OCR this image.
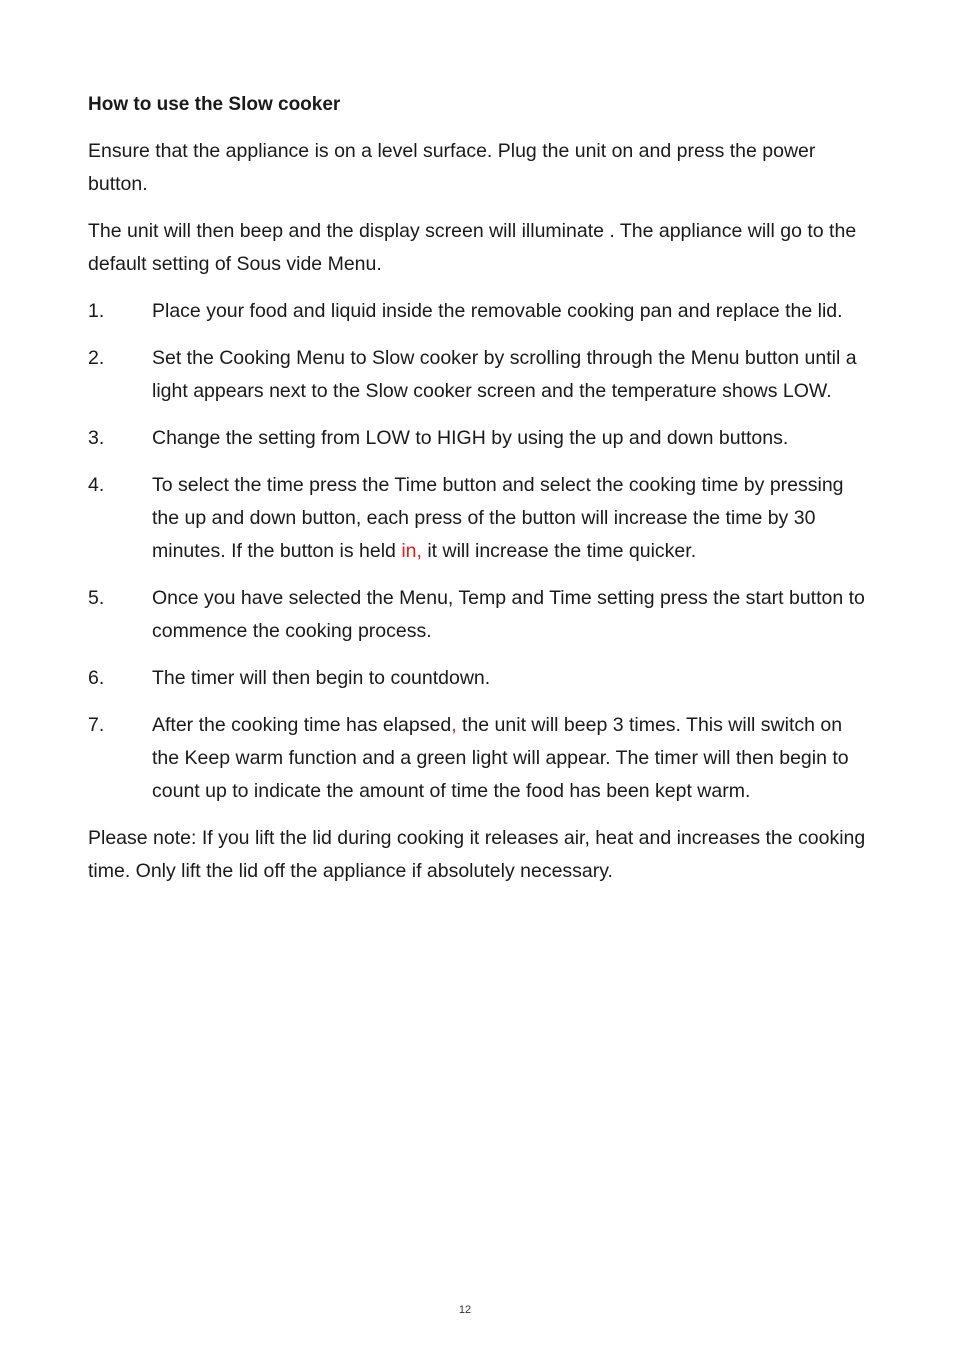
How to use the Slow cooker

Ensure that the appliance is on a level surface. Plug the unit on and press the power button.

The unit will then beep and the display screen will illuminate . The appliance will go to the default setting of Sous vide Menu.

1.	Place your food and liquid inside the removable cooking pan and replace the lid.
2.	Set the Cooking Menu to Slow cooker by scrolling through the Menu button until a light appears next to the Slow cooker screen and the temperature shows LOW.
3.	Change the setting from LOW to HIGH by using the up and down buttons.
4.	To select the time press the Time button and select the cooking time by pressing the up and down button, each press of the button will increase the time by 30 minutes. If the button is held in, it will increase the time quicker.
5.	Once you have selected the Menu, Temp and Time setting press the start button to commence the cooking process.
6.	The timer will then begin to countdown.
7.	After the cooking time has elapsed, the unit will beep 3 times. This will switch on the Keep warm function and a green light will appear. The timer will then begin to count up to indicate the amount of time the food has been kept warm.

Please note: If you lift the lid during cooking it releases air, heat and increases the cooking time. Only lift the lid off the appliance if absolutely necessary.

12
